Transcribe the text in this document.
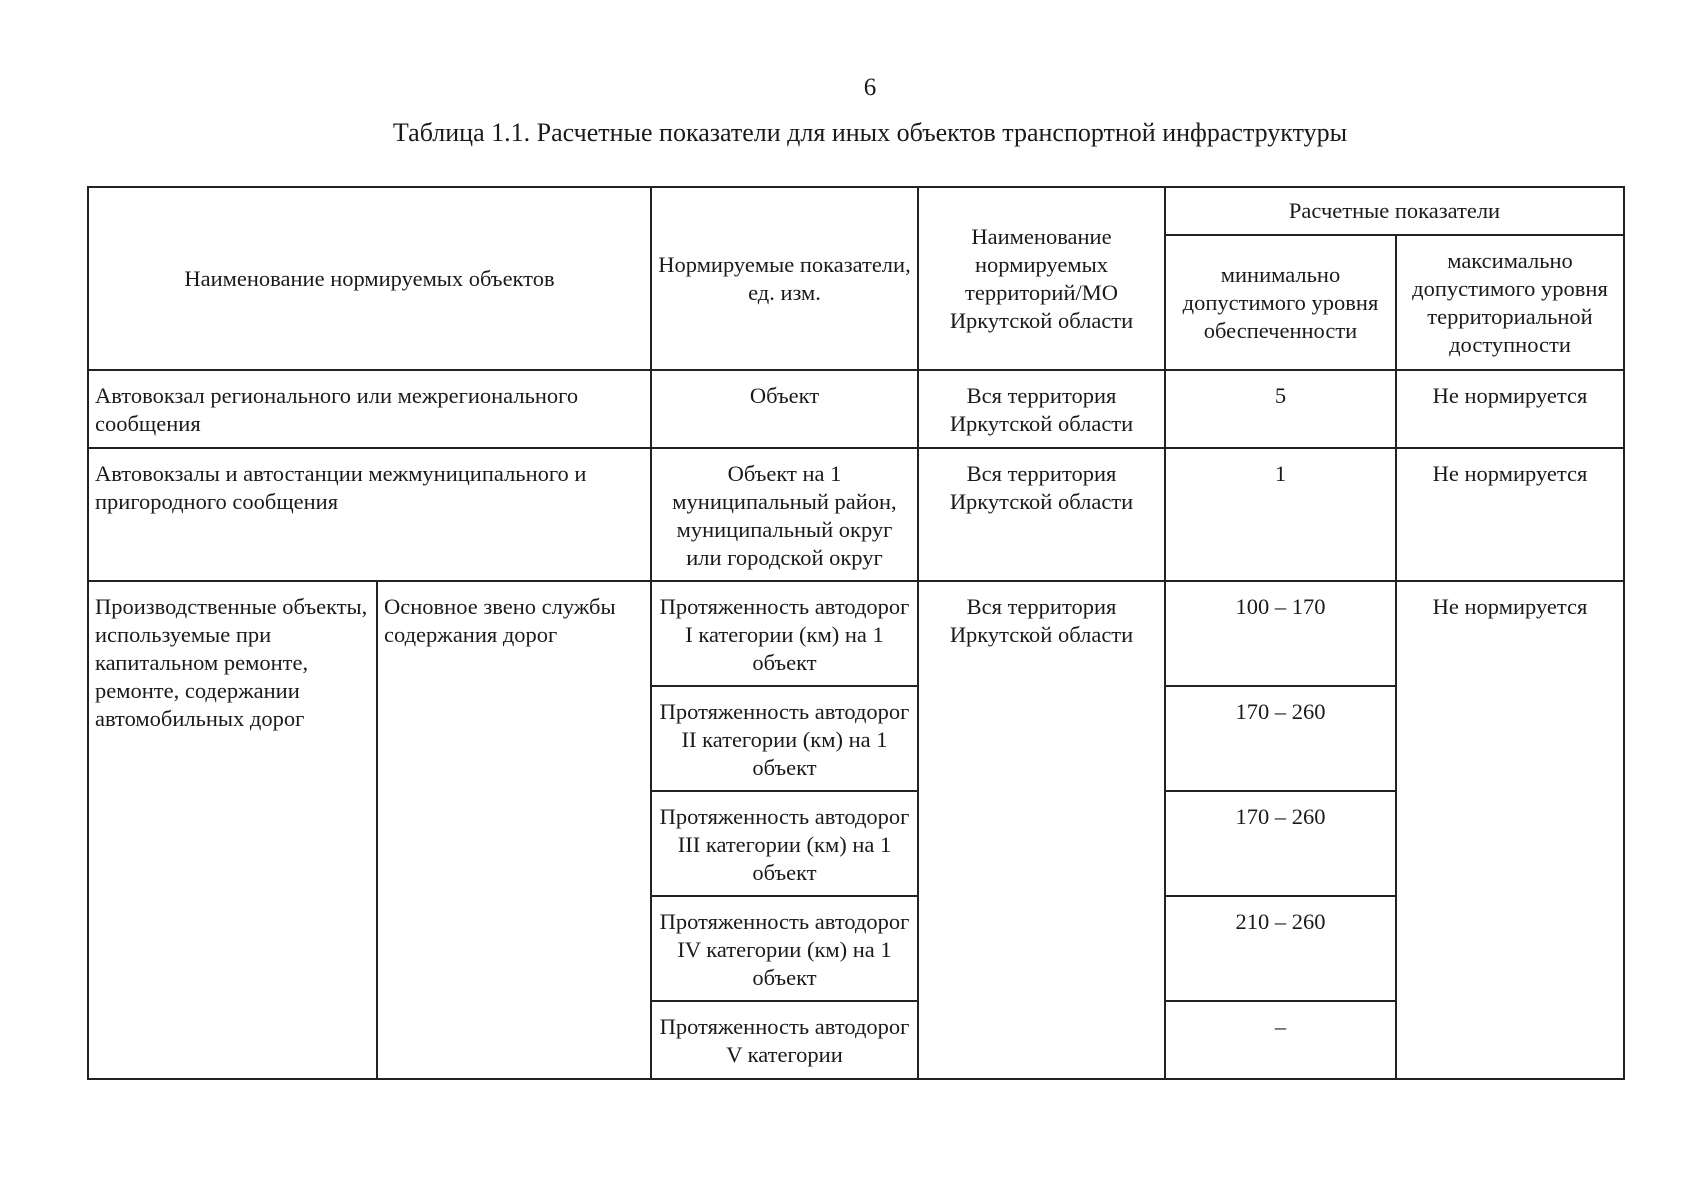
6
Таблица 1.1. Расчетные показатели для иных объектов транспортной инфраструктуры
Наименование нормируемых объектов		Нормируемые показатели, ед. изм.	Наименование нормируемых территорий/МО Иркутской области	Расчетные показатели	
				минимально допустимого уровня обеспеченности	максимально допустимого уровня территориальной доступности
Автовокзал регионального или межрегионального сообщения		Объект	Вся территория Иркутской области	5	Не нормируется
Автовокзалы и автостанции межмуниципального и пригородного сообщения		Объект на 1 муниципальный район, муниципальный округ или городской округ	Вся территория Иркутской области	1	Не нормируется
Производственные объекты, используемые при капитальном ремонте, ремонте, содержании автомобильных дорог	Основное звено службы содержания дорог	Протяженность автодорог I категории (км) на 1 объект	Вся территория Иркутской области	100 – 170	Не нормируется
		Протяженность автодорог II категории (км) на 1 объект		170 – 260	
		Протяженность автодорог III категории (км) на 1 объект		170 – 260	
		Протяженность автодорог IV категории (км) на 1 объект		210 – 260	
		Протяженность автодорог V категории		–	
